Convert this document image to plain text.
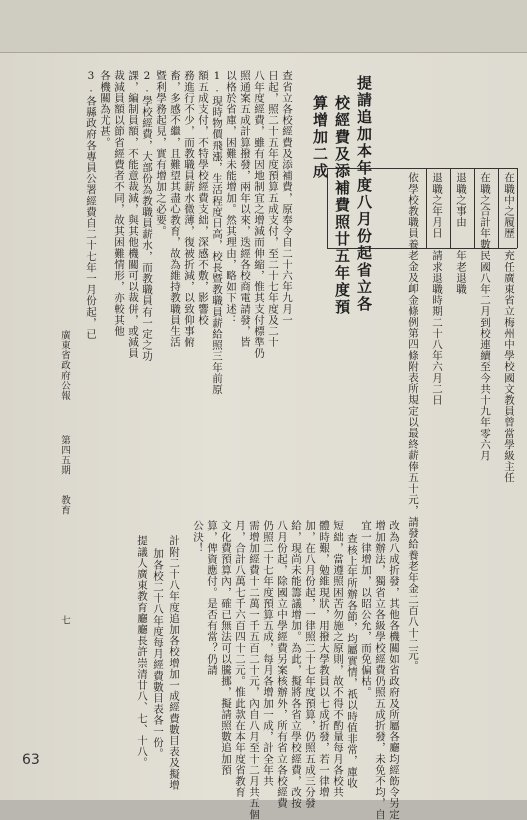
在職中之履歷
充任廣東省立梅州中學校國文教員曾當學級主任
在職之合計年數
民國八年二月到校連續至今共十九年零六月
退職之事由
年老退職
退職之年月日
請求退職時期二十八年六月二日
依學校教職員養老金及卹金條例第四條附表所規定以最終薪俸五十元，請發給養老年金二百八十二元。
改為八成折發，其他各機關如省政府及所屬各廳均經飭令另定
增加辦法，獨省立各級學校經費仍照五成折發，未免不均，自
宜一律增加，以昭公允，而免偏枯。
查核上年所辦各節，均屬實情，祇以時值非常，庫收
短絀，當遵照困苦勿施之原則，故不得不酌量每月各校共
體時艱，勉維現狀，用撥大學教員以七成折發，若一律增
加，在八月份起，一律照二十七年度預算，仍照五成三分發
給，現尚未能籌議增加。為此，擬將各省立學校經費，改按
八月份起，除國立中學經費另案核辦外，所有省立各校經費
仍照二十七年度預算五成，每月各增加一成，計全年共
需增加經費十二萬一千五百二十元，內自八月至十二月共五個
月，合計八萬七千六百四十二元。惟此款在本年度省教育
文化費預算內，確已無法可以騰挪，擬請照數追加預
算，俾資應付。是否有當？仍請
公決！
計附二十八年度追加各校增加一成經費數目表及擬增
加各校二十八年度每月經費數目表各一份。
提議人廣東教育廳廳長許崇清廿八、七、十八。
提請追加本年度八月份起省立各
校經費及添補費照廿五年度預
算增加二成
查省立各校經費及添補費，原奉令自二十六年九月一
日起，照二十五年度預算五成支付，至二十七年度及二十
八年度經費，雖有因地制宜之增減而伸縮，惟其支付標準仍
照通案五成計算撥發，兩年以來，迭經各校商電請發，皆
以格於省庫，困難未能增加。然其理由，略如下述：
1.現時物價飛漲，生活程度日高，校長暨教職員薪給照三年前原
額五成支付，不特學校經費支絀，深感不敷，影響校
務進行不少，而教職員薪水微薄，復被折減，以致仰事俯
畜，多感不繼，且難望其盡心教育，故為維持教職員生活
暨利學務起見，實有增加之必要。
2.學校經費，大部份為教職員薪水，而教職員有一定之功
課，編制員額，不能意裁減，與其他機關可以裁併，或減員
裁減員額以節省經費者不同，故其困難情形，亦較其他
各機關為尤甚。
3.各縣政府各專員公署經費自二十七年一月份起，已
廣東省政府公報
第四五期
教育
七
63
